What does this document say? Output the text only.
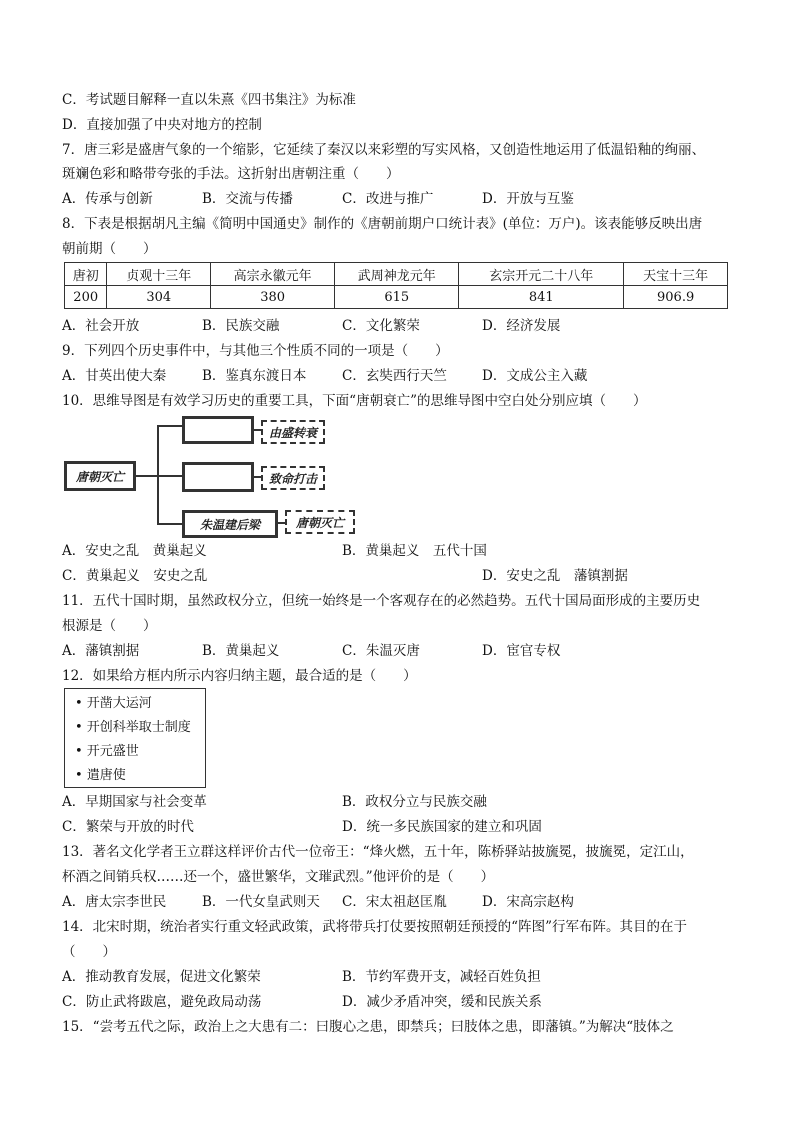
C．考试题目解释一直以朱熹《四书集注》为标准
D．直接加强了中央对地方的控制
7．唐三彩是盛唐气象的一个缩影，它延续了秦汉以来彩塑的写实风格，又创造性地运用了低温铅釉的绚丽、
斑斓色彩和略带夸张的手法。这折射出唐朝注重（　　）
A．传承与创新	B．交流与传播	C．改进与推广	D．开放与互鉴
8．下表是根据胡凡主编《简明中国通史》制作的《唐朝前期户口统计表》(单位：万户)。该表能够反映出唐
朝前期（　　）
唐初	贞观十三年	高宗永徽元年	武周神龙元年	玄宗开元二十八年	天宝十三年
200	304	380	615	841	906.9
A．社会开放	B．民族交融	C．文化繁荣	D．经济发展
9．下列四个历史事件中，与其他三个性质不同的一项是（　　）
A．甘英出使大秦	B．鉴真东渡日本	C．玄奘西行天竺	D．文成公主入藏
10．思维导图是有效学习历史的重要工具，下面“唐朝衰亡”的思维导图中空白处分别应填（　　）
唐朝灭亡
由盛转衰
致命打击
朱温建后梁	唐朝灭亡
A．安史之乱　黄巢起义	B．黄巢起义　五代十国
C．黄巢起义　安史之乱	D．安史之乱　藩镇割据
11．五代十国时期，虽然政权分立，但统一始终是一个客观存在的必然趋势。五代十国局面形成的主要历史
根源是（　　）
A．藩镇割据	B．黄巢起义	C．朱温灭唐	D．宦官专权
12．如果给方框内所示内容归纳主题，最合适的是（　　）
• 开凿大运河
• 开创科举取士制度
• 开元盛世
• 遣唐使
A．早期国家与社会变革	B．政权分立与民族交融
C．繁荣与开放的时代	D．统一多民族国家的建立和巩固
13．著名文化学者王立群这样评价古代一位帝王：“烽火燃，五十年，陈桥驿站披旒冕，披旒冕，定江山，
杯酒之间销兵权……还一个，盛世繁华，文璀武烈。”他评价的是（　　）
A．唐太宗李世民	B．一代女皇武则天 C．宋太祖赵匡胤	D．宋高宗赵构
14．北宋时期，统治者实行重文轻武政策，武将带兵打仗要按照朝廷预授的“阵图”行军布阵。其目的在于
（　　）
A．推动教育发展，促进文化繁荣	B．节约军费开支，减轻百姓负担
C．防止武将跋扈，避免政局动荡	D．减少矛盾冲突，缓和民族关系
15．“尝考五代之际，政治上之大患有二：曰腹心之患，即禁兵；曰肢体之患，即藩镇。”为解决“肢体之
